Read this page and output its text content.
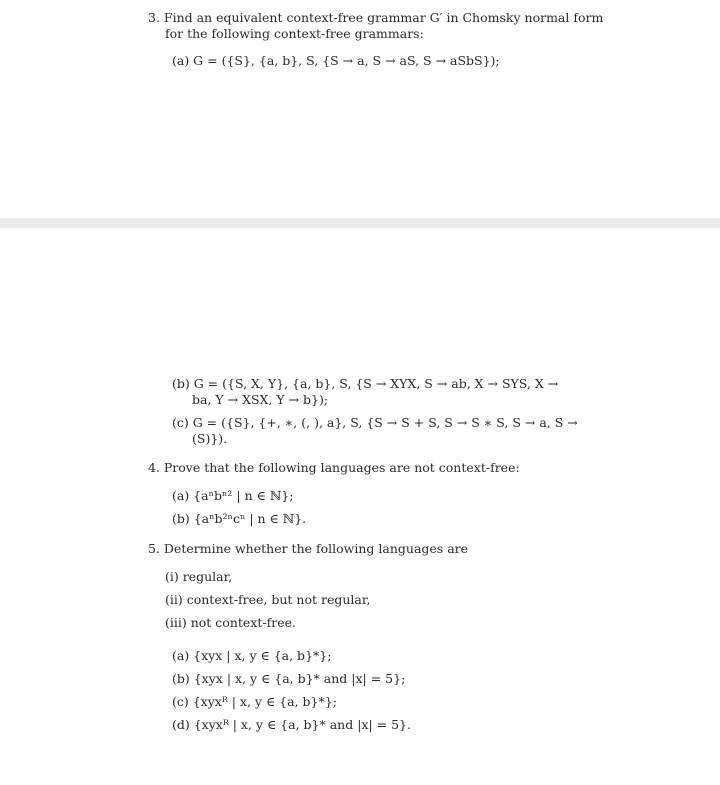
3. Find an equivalent context-free grammar G′ in Chomsky normal form
for the following context-free grammars:
(a) G = ({S}, {a, b}, S, {S → a, S → aS, S → aSbS});
(b) G = ({S, X, Y}, {a, b}, S, {S → XYX, S → ab, X → SYS, X →
ba, Y → XSX, Y → b});
(c) G = ({S}, {+, ∗, (, ), a}, S, {S → S + S, S → S ∗ S, S → a, S →
(S)}).
4. Prove that the following languages are not context-free:
(a) {aⁿbⁿ² | n ∈ ℕ};
(b) {aⁿb²ⁿcⁿ | n ∈ ℕ}.
5. Determine whether the following languages are
(i) regular,
(ii) context-free, but not regular,
(iii) not context-free.
(a) {xyx | x, y ∈ {a, b}*};
(b) {xyx | x, y ∈ {a, b}* and |x| = 5};
(c) {xyxᴿ | x, y ∈ {a, b}*};
(d) {xyxᴿ | x, y ∈ {a, b}* and |x| = 5}.
